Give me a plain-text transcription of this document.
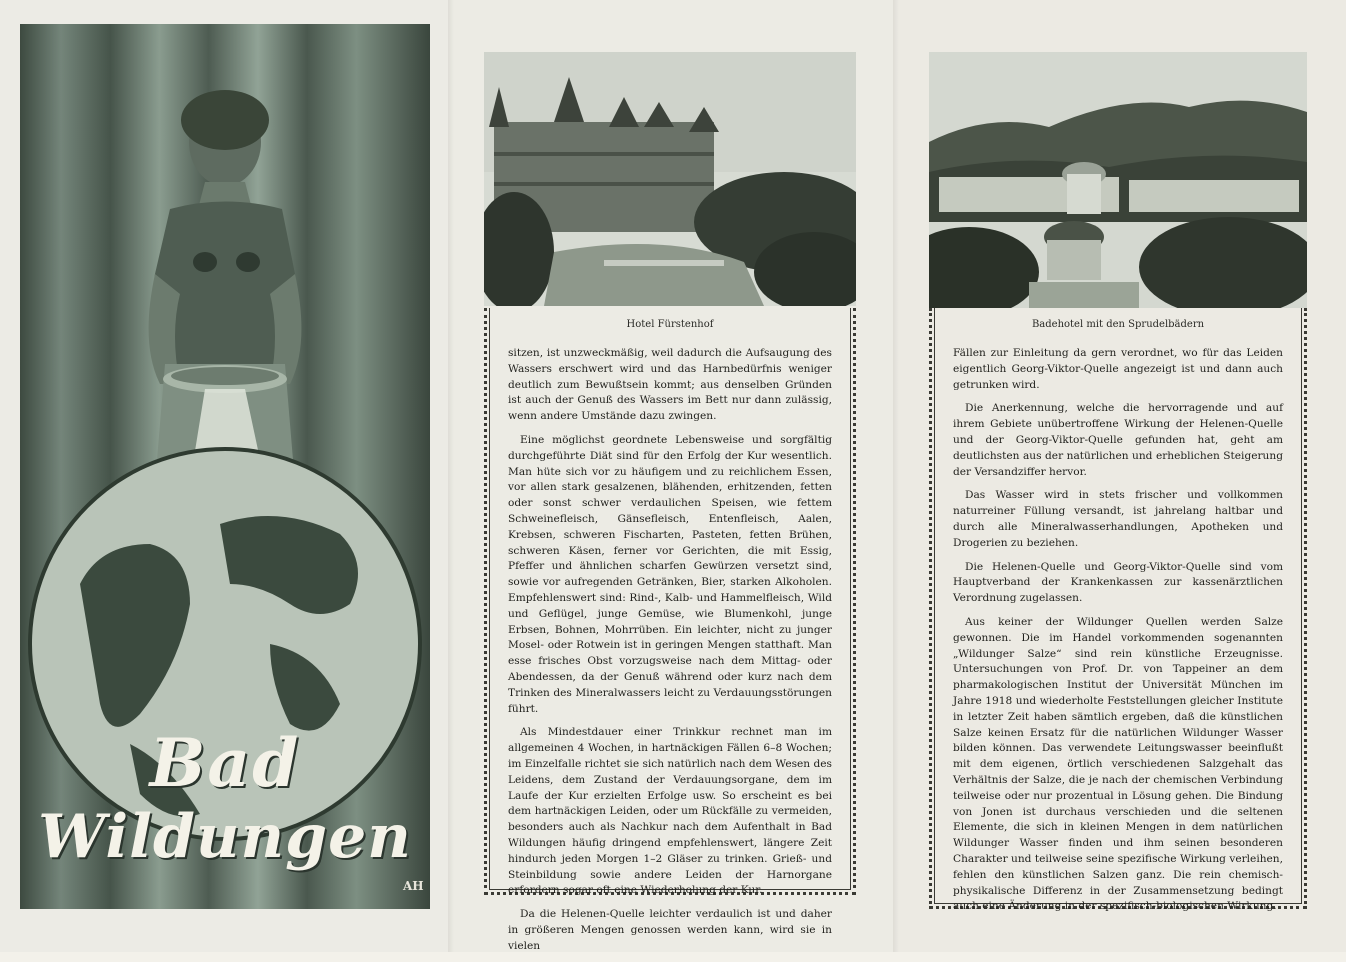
Bad
Wildungen
AH
Hotel Fürstenhof

sitzen, ist unzweckmäßig, weil dadurch die Aufsaugung des Wassers erschwert wird und das Harnbedürfnis weniger deutlich zum Bewußtsein kommt; aus denselben Gründen ist auch der Genuß des Wassers im Bett nur dann zulässig, wenn andere Umstände dazu zwingen.

Eine möglichst geordnete Lebensweise und sorgfältig durchgeführte Diät sind für den Erfolg der Kur wesentlich. Man hüte sich vor zu häufigem und zu reichlichem Essen, vor allen stark gesalzenen, blähenden, erhitzenden, fetten oder sonst schwer verdaulichen Speisen, wie fettem Schweinefleisch, Gänsefleisch, Entenfleisch, Aalen, Krebsen, schweren Fischarten, Pasteten, fetten Brühen, schweren Käsen, ferner vor Gerichten, die mit Essig, Pfeffer und ähnlichen scharfen Gewürzen versetzt sind, sowie vor aufregenden Getränken, Bier, starken Alkoholen. Empfehlenswert sind: Rind-, Kalb- und Hammelfleisch, Wild und Geflügel, junge Gemüse, wie Blumenkohl, junge Erbsen, Bohnen, Mohrrüben. Ein leichter, nicht zu junger Mosel- oder Rotwein ist in geringen Mengen statthaft. Man esse frisches Obst vorzugsweise nach dem Mittag- oder Abendessen, da der Genuß während oder kurz nach dem Trinken des Mineralwassers leicht zu Verdauungsstörungen führt.

Als Mindestdauer einer Trinkkur rechnet man im allgemeinen 4 Wochen, in hartnäckigen Fällen 6–8 Wochen; im Einzelfalle richtet sie sich natürlich nach dem Wesen des Leidens, dem Zustand der Verdauungsorgane, dem im Laufe der Kur erzielten Erfolge usw. So erscheint es bei dem hartnäckigen Leiden, oder um Rückfälle zu vermeiden, besonders auch als Nachkur nach dem Aufenthalt in Bad Wildungen häufig dringend empfehlenswert, längere Zeit hindurch jeden Morgen 1–2 Gläser zu trinken. Grieß- und Steinbildung sowie andere Leiden der Harnorgane erfordern sogar oft eine Wiederholung der Kur.

Da die Helenen-Quelle leichter verdaulich ist und daher in größeren Mengen genossen werden kann, wird sie in vielen

Badehotel mit den Sprudelbädern

Fällen zur Einleitung da gern verordnet, wo für das Leiden eigentlich Georg-Viktor-Quelle angezeigt ist und dann auch getrunken wird.

Die Anerkennung, welche die hervorragende und auf ihrem Gebiete unübertroffene Wirkung der Helenen-Quelle und der Georg-Viktor-Quelle gefunden hat, geht am deutlichsten aus der natürlichen und erheblichen Steigerung der Versandziffer hervor.

Das Wasser wird in stets frischer und vollkommen naturreiner Füllung versandt, ist jahrelang haltbar und durch alle Mineralwasserhandlungen, Apotheken und Drogerien zu beziehen.

Die Helenen-Quelle und Georg-Viktor-Quelle sind vom Hauptverband der Krankenkassen zur kassenärztlichen Verordnung zugelassen.

Aus keiner der Wildunger Quellen werden Salze gewonnen. Die im Handel vorkommenden sogenannten „Wildunger Salze“ sind rein künstliche Erzeugnisse. Untersuchungen von Prof. Dr. von Tappeiner an dem pharmakologischen Institut der Universität München im Jahre 1918 und wiederholte Feststellungen gleicher Institute in letzter Zeit haben sämtlich ergeben, daß die künstlichen Salze keinen Ersatz für die natürlichen Wildunger Wasser bilden können. Das verwendete Leitungswasser beeinflußt mit dem eigenen, örtlich verschiedenen Salzgehalt das Verhältnis der Salze, die je nach der chemischen Verbindung teilweise oder nur prozentual in Lösung gehen. Die Bindung von Jonen ist durchaus verschieden und die seltenen Elemente, die sich in kleinen Mengen in dem natürlichen Wildunger Wasser finden und ihm seinen besonderen Charakter und teilweise seine spezifische Wirkung verleihen, fehlen den künstlichen Salzen ganz. Die rein chemisch-physikalische Differenz in der Zusammensetzung bedingt auch eine Änderung in der spezifisch-biologischen Wirkung.
